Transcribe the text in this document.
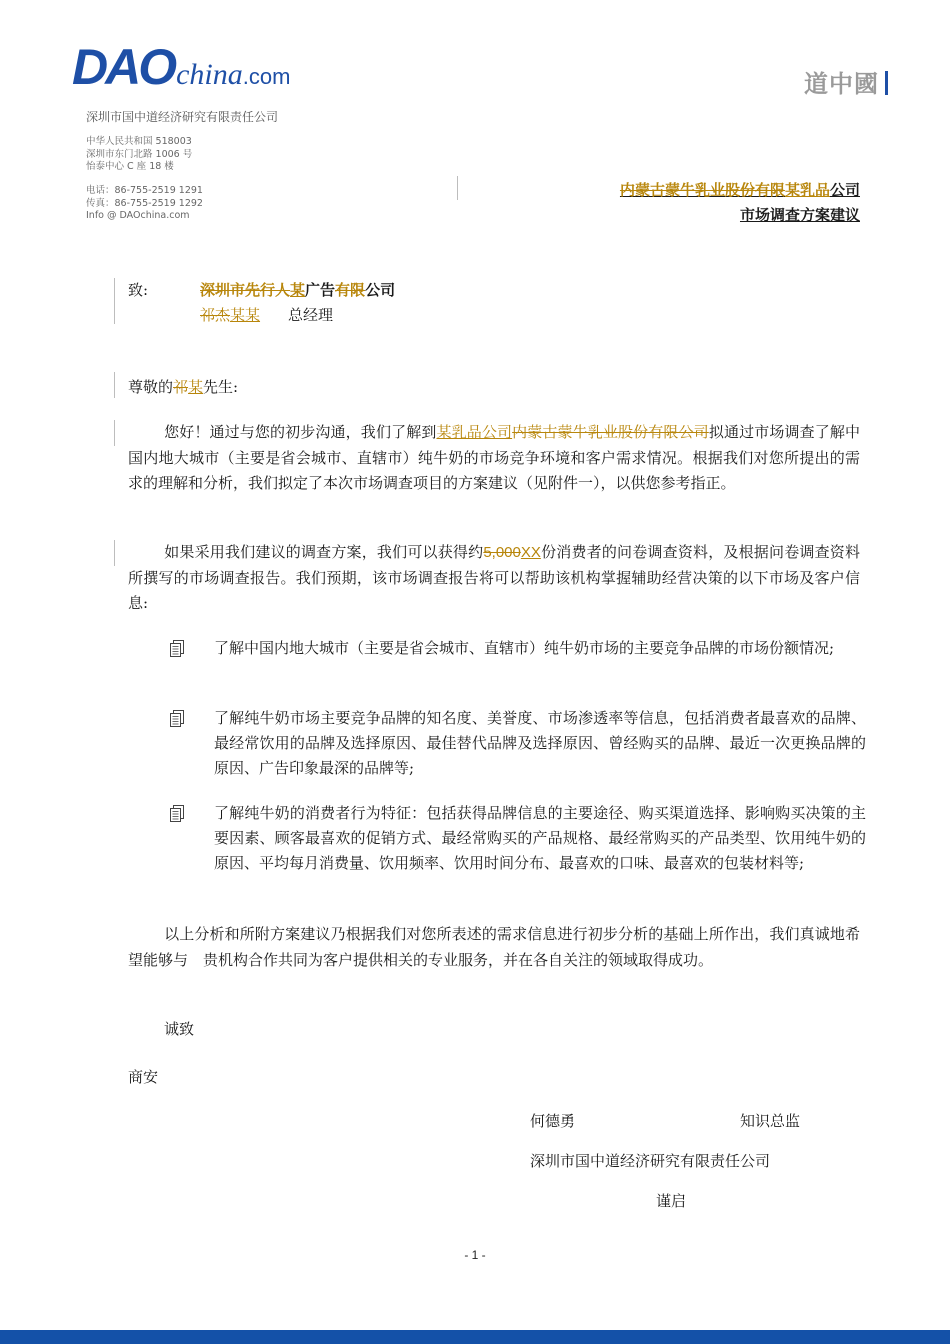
DAOchina.com	道中國
深圳市国中道经济研究有限责任公司
中华人民共和国 518003
深圳市东门北路 1006 号
怡泰中心 C 座 18 楼
电话：86-755-2519 1291
传真：86-755-2519 1292
Info @ DAOchina.com
内蒙古蒙牛乳业股份有限某乳品公司
市场调查方案建议
致:	深圳市先行人某广告有限公司
祁杰某某 总经理
尊敬的祁某先生:
您好！通过与您的初步沟通，我们了解到某乳品公司内蒙古蒙牛乳业股份有限公司拟通过市场调查了解中国内地大城市（主要是省会城市、直辖市）纯牛奶的市场竞争环境和客户需求情况。根据我们对您所提出的需求的理解和分析，我们拟定了本次市场调查项目的方案建议（见附件一），以供您参考指正。
如果采用我们建议的调查方案，我们可以获得约5,000XX份消费者的问卷调查资料，及根据问卷调查资料所撰写的市场调查报告。我们预期，该市场调查报告将可以帮助该机构掌握辅助经营决策的以下市场及客户信息:
了解中国内地大城市（主要是省会城市、直辖市）纯牛奶市场的主要竞争品牌的市场份额情况;
了解纯牛奶市场主要竞争品牌的知名度、美誉度、市场渗透率等信息，包括消费者最喜欢的品牌、最经常饮用的品牌及选择原因、最佳替代品牌及选择原因、曾经购买的品牌、最近一次更换品牌的原因、广告印象最深的品牌等;
了解纯牛奶的消费者行为特征：包括获得品牌信息的主要途径、购买渠道选择、影响购买决策的主要因素、顾客最喜欢的促销方式、最经常购买的产品规格、最经常购买的产品类型、饮用纯牛奶的原因、平均每月消费量、饮用频率、饮用时间分布、最喜欢的口味、最喜欢的包装材料等;
以上分析和所附方案建议乃根据我们对您所表述的需求信息进行初步分析的基础上所作出，我们真诚地希望能够与　贵机构合作共同为客户提供相关的专业服务，并在各自关注的领域取得成功。
诚致
商安
何德勇	知识总监
深圳市国中道经济研究有限责任公司
谨启
- 1 -
